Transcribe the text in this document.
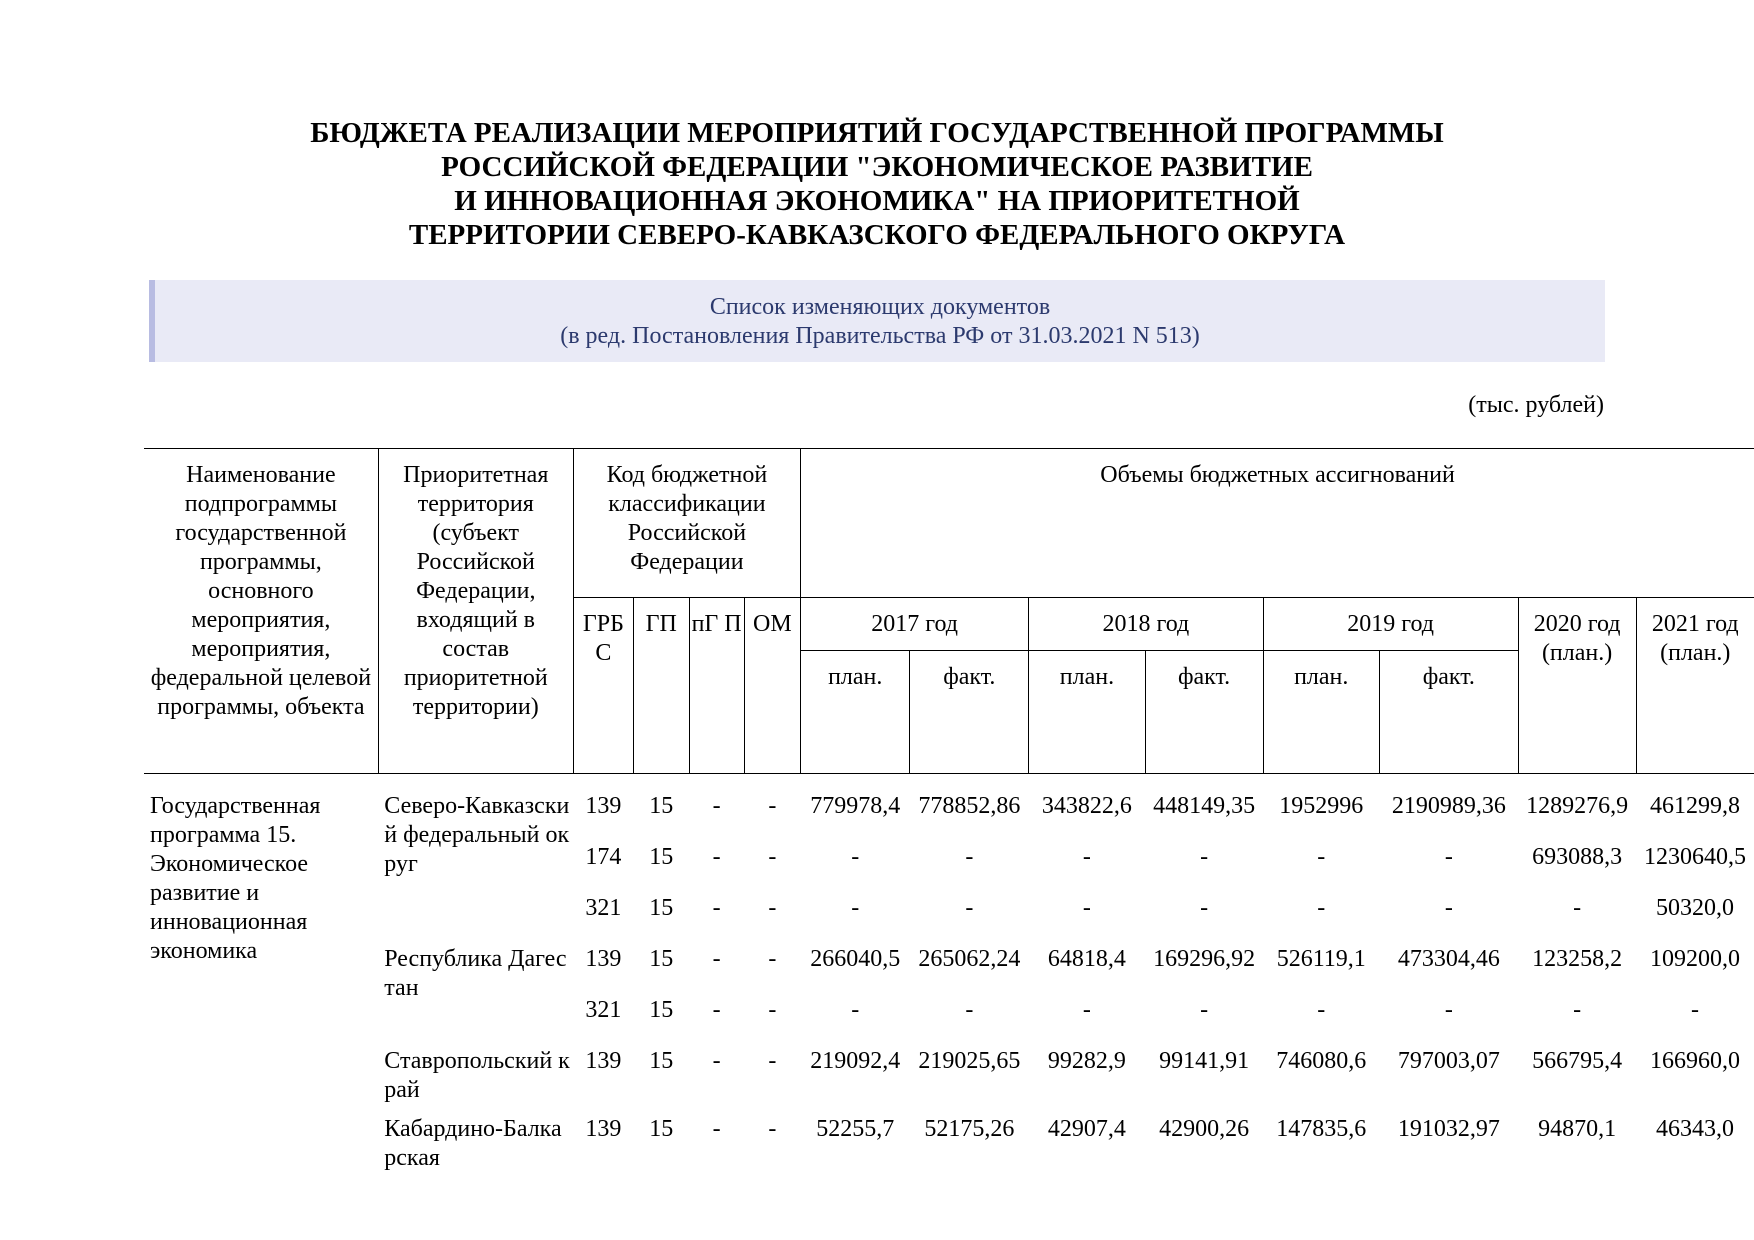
БЮДЖЕТА РЕАЛИЗАЦИИ МЕРОПРИЯТИЙ ГОСУДАРСТВЕННОЙ ПРОГРАММЫ
РОССИЙСКОЙ ФЕДЕРАЦИИ "ЭКОНОМИЧЕСКОЕ РАЗВИТИЕ
И ИННОВАЦИОННАЯ ЭКОНОМИКА" НА ПРИОРИТЕТНОЙ
ТЕРРИТОРИИ СЕВЕРО-КАВКАЗСКОГО ФЕДЕРАЛЬНОГО ОКРУГА
Список изменяющих документов
(в ред. Постановления Правительства РФ от 31.03.2021 N 513)
(тыс. рублей)
Наименование подпрограммы государственной программы, основного мероприятия, мероприятия, федеральной целевой программы, объекта	Приоритетная территория (субъект Российской Федерации, входящий в состав приоритетной территории)	Код бюджетной классификации Российской Федерации				Объемы бюджетных ассигнований							
		ГРБ С	ГП	пГ П	ОМ	2017 год		2018 год		2019 год		2020 год (план.)	2021 год (план.)
						план.	факт.	план.	факт.	план.	факт.		
Государственная программа 15. Экономическое развитие и инновационная экономика	Северо-Кавказский федеральный округ	139	15	-	-	779978,4	778852,86	343822,6	448149,35	1952996	2190989,36	1289276,9	461299,8
		174	15	-	-	-	-	-	-	-	-	693088,3	1230640,5
		321	15	-	-	-	-	-	-	-	-	-	50320,0
	Республика Дагестан	139	15	-	-	266040,5	265062,24	64818,4	169296,92	526119,1	473304,46	123258,2	109200,0
		321	15	-	-	-	-	-	-	-	-	-	-
	Ставропольский край	139	15	-	-	219092,4	219025,65	99282,9	99141,91	746080,6	797003,07	566795,4	166960,0
	Кабардино-Балкарская	139	15	-	-	52255,7	52175,26	42907,4	42900,26	147835,6	191032,97	94870,1	46343,0
